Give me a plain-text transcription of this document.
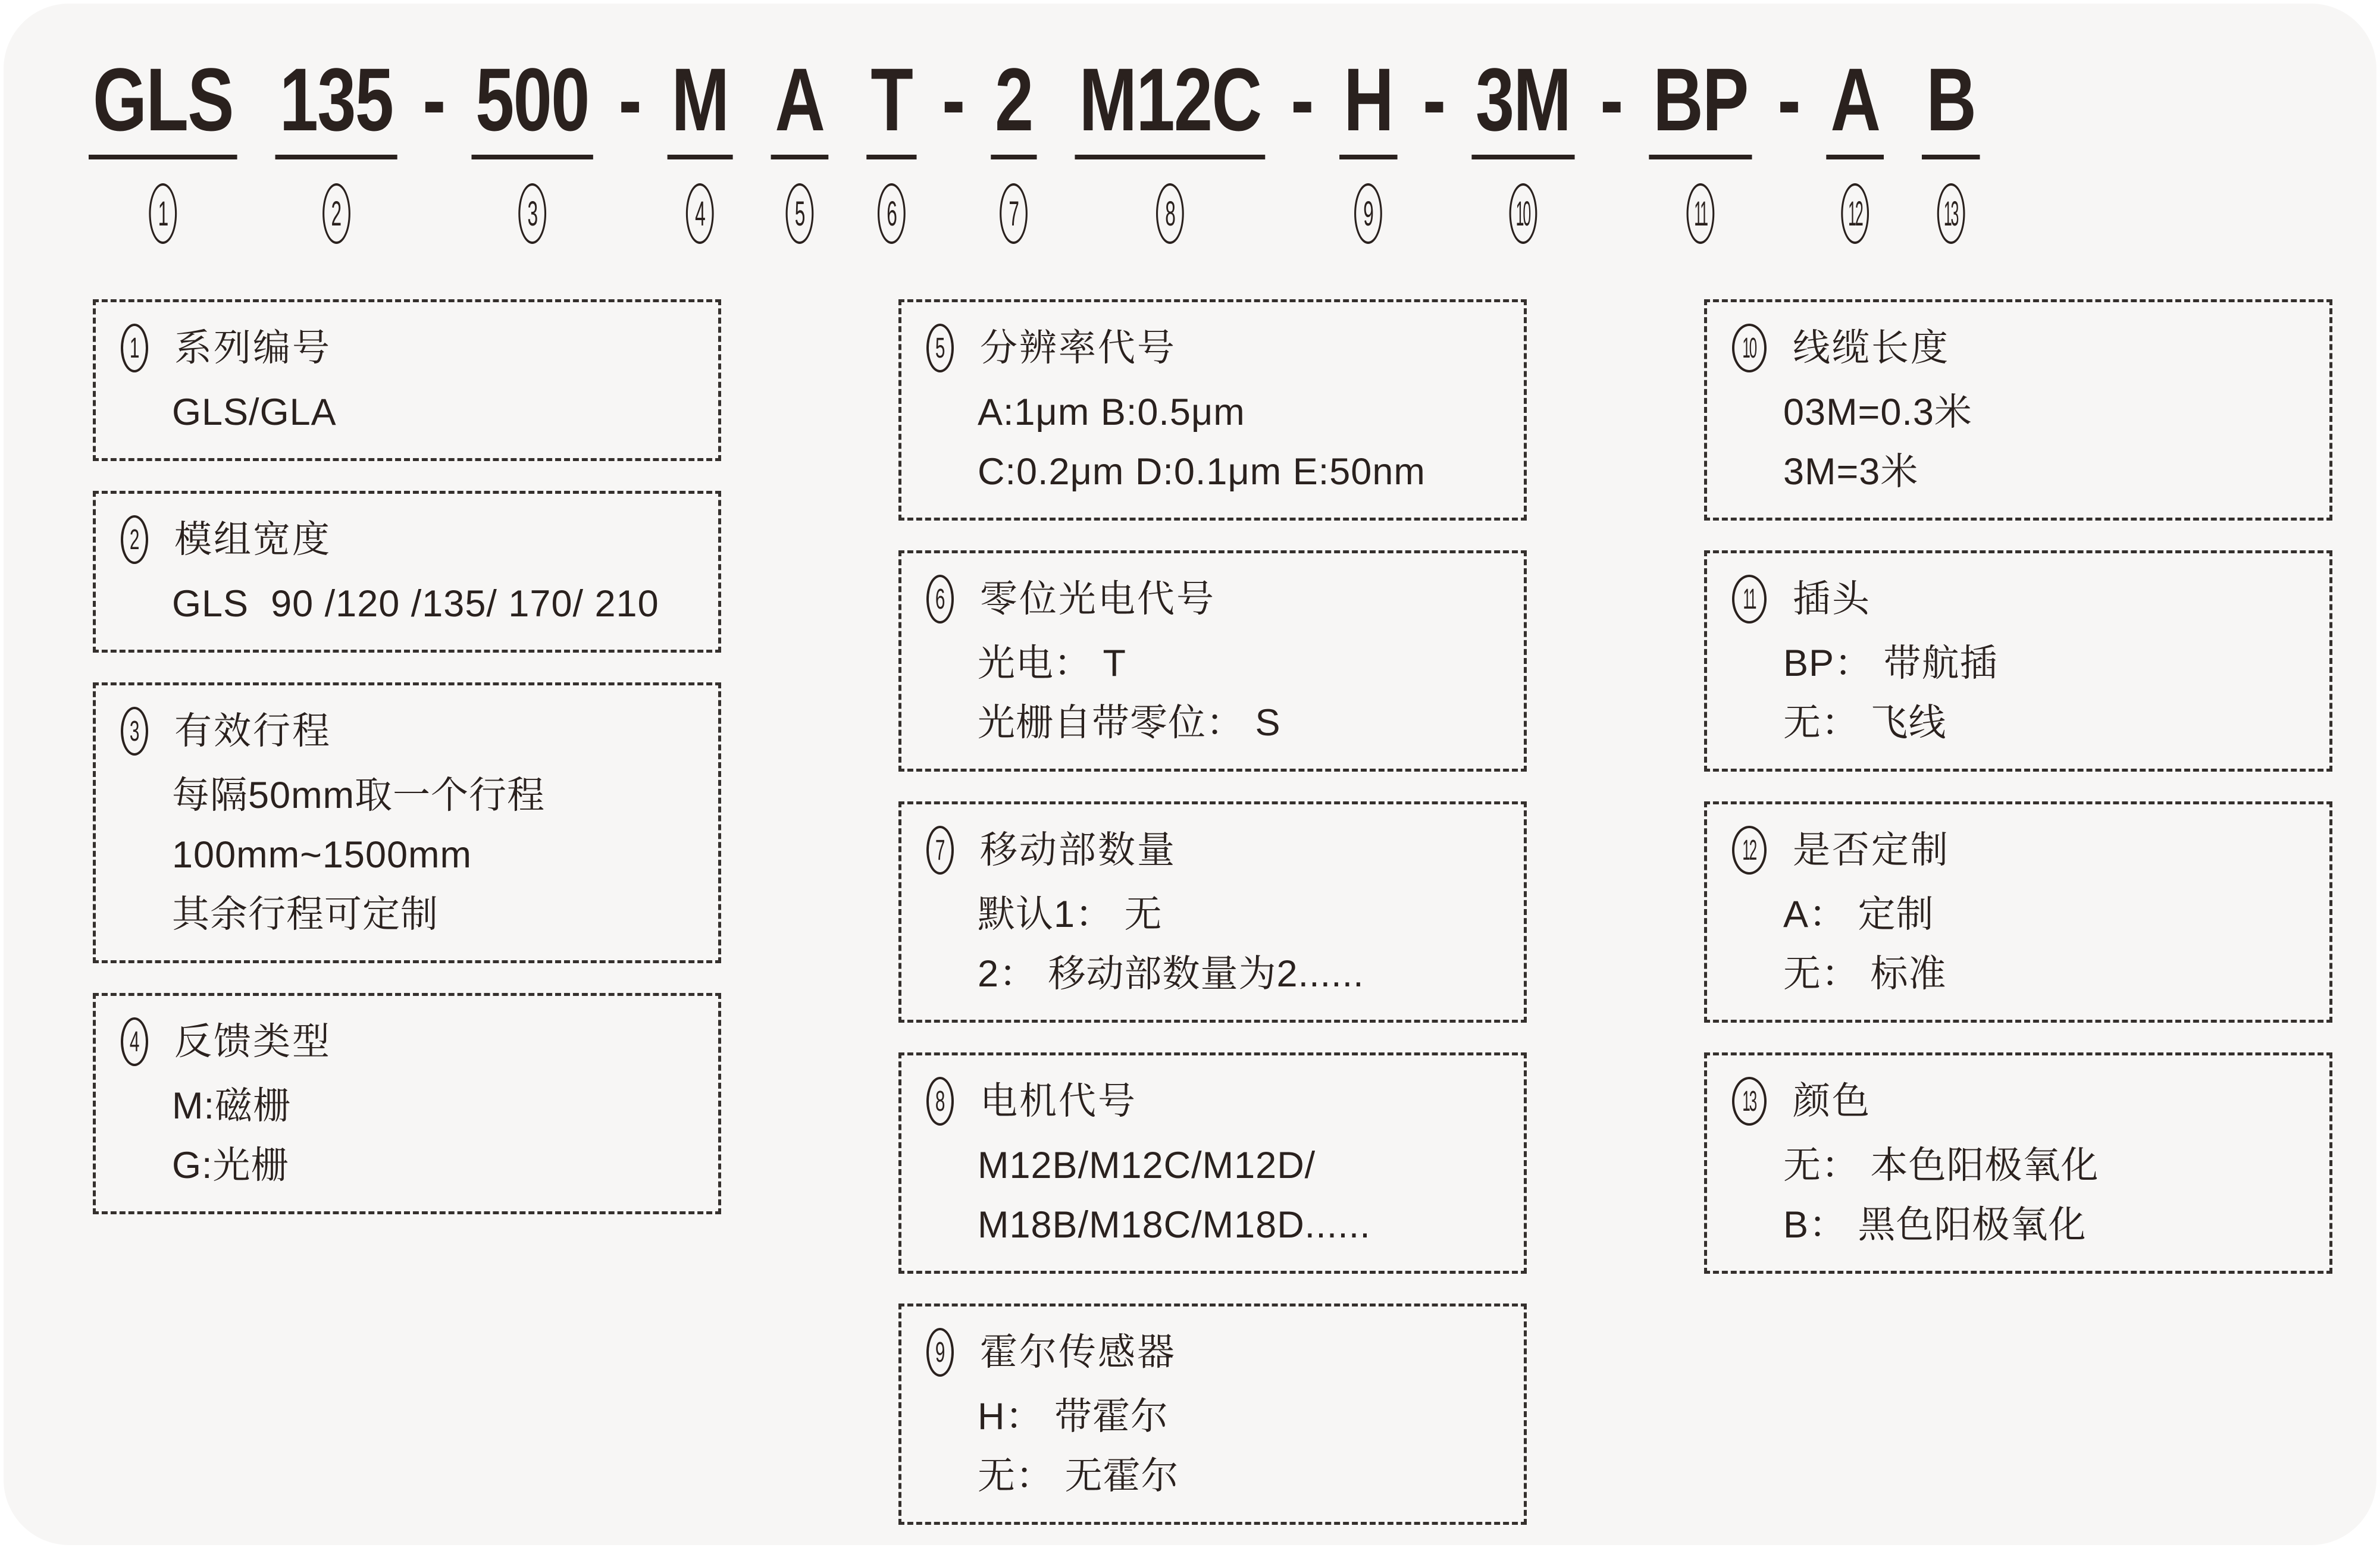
GLS
1
135
2
- 500
3
- M
4
A
5
T
6
- 2
7
M12C
8
- H
9
- 3M
10
- BP
11
- A
12
B
13
1 系列编号
GLS/GLA
2 模组宽度
GLS  90 /120 /135/ 170/ 210
3 有效行程
每隔50mm取一个行程
100mm~1500mm
其余行程可定制
4 反馈类型
M:磁栅
G:光栅
5 分辨率代号
A:1μm B:0.5μm
C:0.2μm D:0.1μm E:50nm
6 零位光电代号
光电： T
光栅自带零位： S
7 移动部数量
默认1： 无
2： 移动部数量为2......
8 电机代号
M12B/M12C/M12D/
M18B/M18C/M18D......
9 霍尔传感器
H： 带霍尔
无： 无霍尔
10 线缆长度
03M=0.3米
3M=3米
11 插头
BP： 带航插
无： 飞线
12 是否定制
A： 定制
无： 标准
13 颜色
无： 本色阳极氧化
B： 黑色阳极氧化
